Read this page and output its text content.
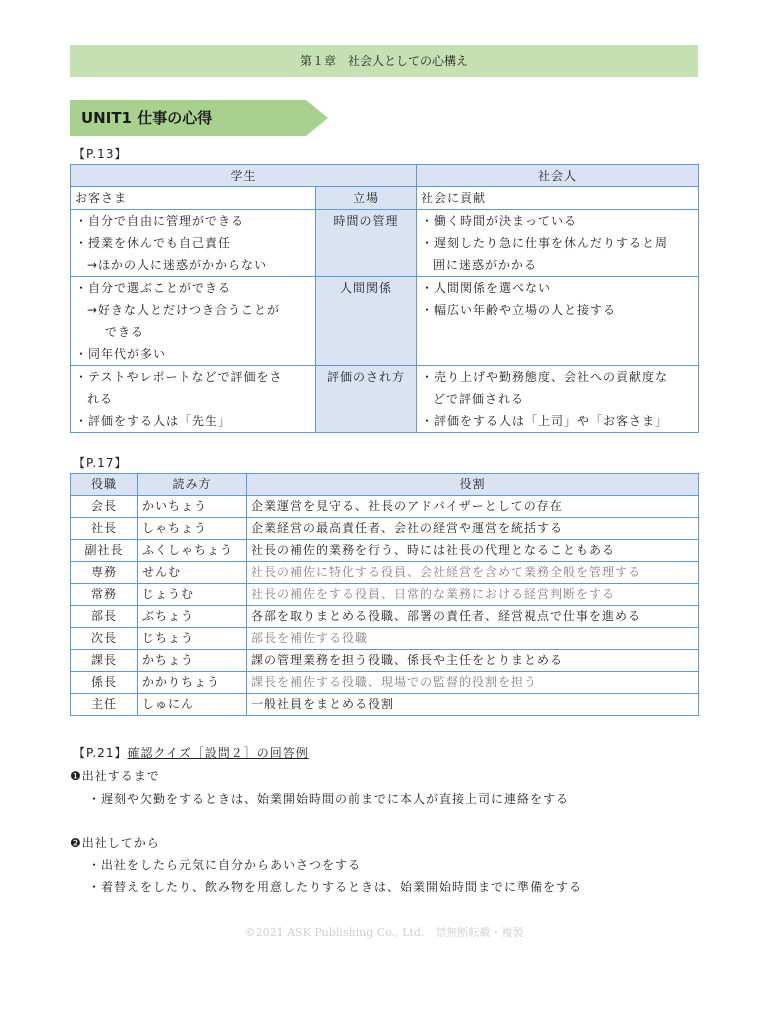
第１章　社会人としての心構え
UNIT1 仕事の心得
【P.13】
学生		社会人

お客さま	立場	社会に貢献

・自分で自由に管理ができる
・授業を休んでも自己責任
→ほかの人に迷惑がかからない	時間の管理	・働く時間が決まっている
・遅刻したり急に仕事を休んだりすると周
囲に迷惑がかかる

・自分で選ぶことができる
→好きな人とだけつき合うことが
できる
・同年代が多い	人間関係	・人間関係を選べない
・幅広い年齢や立場の人と接する

・テストやレポートなどで評価をさ
れる
・評価をする人は「先生」	評価のされ方	・売り上げや勤務態度、会社への貢献度な
どで評価される
・評価をする人は「上司」や「お客さま」
【P.17】
役職	読み方	役割
会長	かいちょう	企業運営を見守る、社長のアドバイザーとしての存在
社長	しゃちょう	企業経営の最高責任者、会社の経営や運営を統括する
副社長	ふくしゃちょう	社長の補佐的業務を行う、時には社長の代理となることもある
専務	せんむ	社長の補佐に特化する役員、会社経営を含めて業務全般を管理する
常務	じょうむ	社長の補佐をする役員、日常的な業務における経営判断をする
部長	ぶちょう	各部を取りまとめる役職、部署の責任者、経営視点で仕事を進める
次長	じちょう	部長を補佐する役職
課長	かちょう	課の管理業務を担う役職、係長や主任をとりまとめる
係長	かかりちょう	課長を補佐する役職、現場での監督的役割を担う
主任	しゅにん	一般社員をまとめる役割
【P.21】確認クイズ［設問２］の回答例
❶出社するまで
・遅刻や欠勤をするときは、始業開始時間の前までに本人が直接上司に連絡をする
❷出社してから
・出社をしたら元気に自分からあいさつをする
・着替えをしたり、飲み物を用意したりするときは、始業開始時間までに準備をする
©2021 ASK Publishing Co., Ltd.　禁無断転載・複製
